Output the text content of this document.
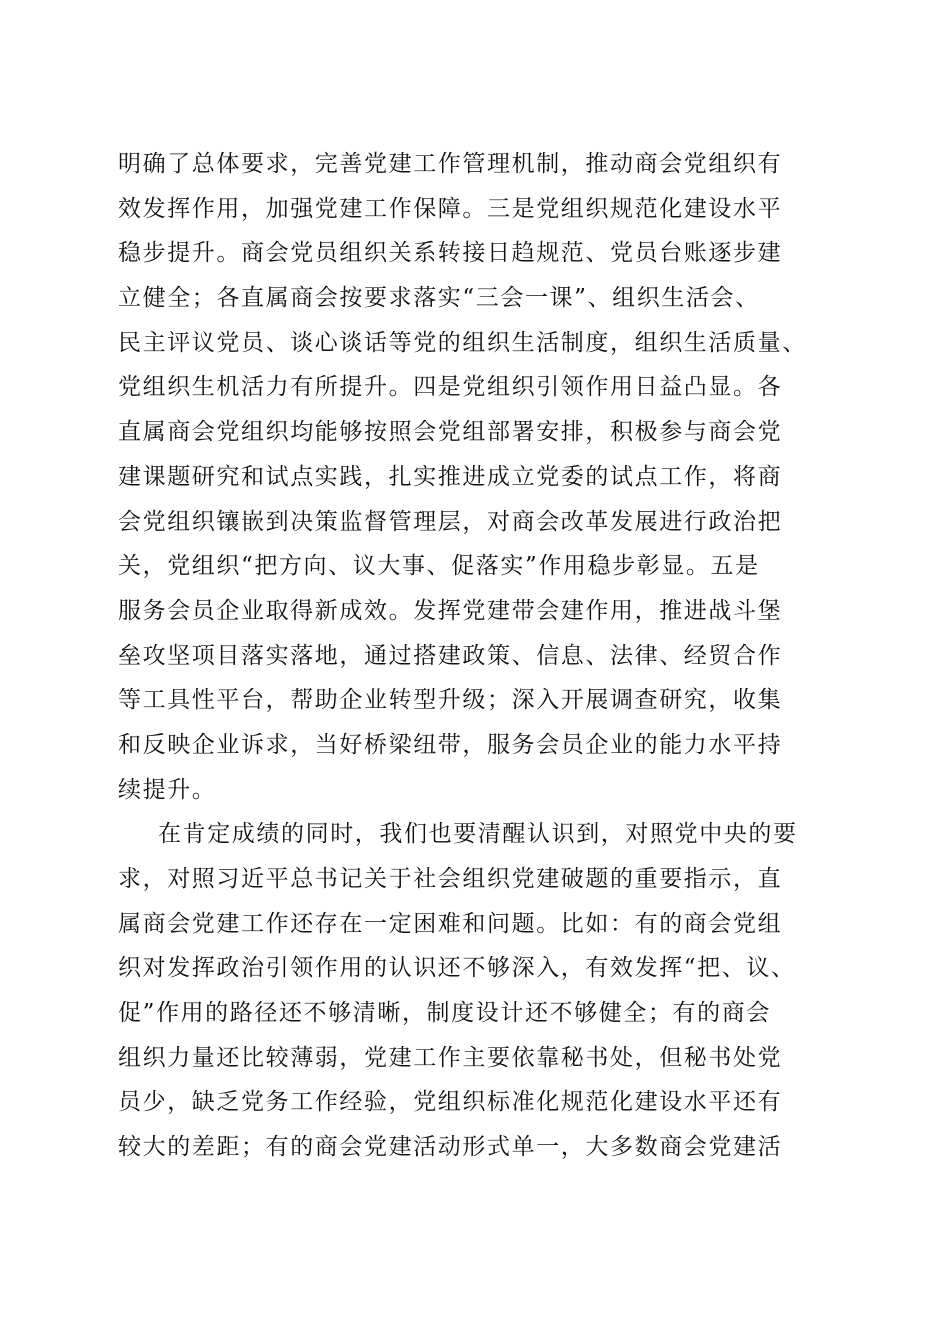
明确了总体要求，完善党建工作管理机制，推动商会党组织有
效发挥作用，加强党建工作保障。三是党组织规范化建设水平
稳步提升。商会党员组织关系转接日趋规范、党员台账逐步建
立健全；各直属商会按要求落实“三会一课”、组织生活会、
民主评议党员、谈心谈话等党的组织生活制度，组织生活质量、
党组织生机活力有所提升。四是党组织引领作用日益凸显。各
直属商会党组织均能够按照会党组部署安排，积极参与商会党
建课题研究和试点实践，扎实推进成立党委的试点工作，将商
会党组织镶嵌到决策监督管理层，对商会改革发展进行政治把
关，党组织“把方向、议大事、促落实”作用稳步彰显。五是
服务会员企业取得新成效。发挥党建带会建作用，推进战斗堡
垒攻坚项目落实落地，通过搭建政策、信息、法律、经贸合作
等工具性平台，帮助企业转型升级；深入开展调查研究，收集
和反映企业诉求，当好桥梁纽带，服务会员企业的能力水平持
续提升。
在肯定成绩的同时，我们也要清醒认识到，对照党中央的要
求，对照习近平总书记关于社会组织党建破题的重要指示，直
属商会党建工作还存在一定困难和问题。比如：有的商会党组
织对发挥政治引领作用的认识还不够深入，有效发挥“把、议、
促”作用的路径还不够清晰，制度设计还不够健全；有的商会
组织力量还比较薄弱，党建工作主要依靠秘书处，但秘书处党
员少，缺乏党务工作经验，党组织标准化规范化建设水平还有
较大的差距；有的商会党建活动形式单一，大多数商会党建活
